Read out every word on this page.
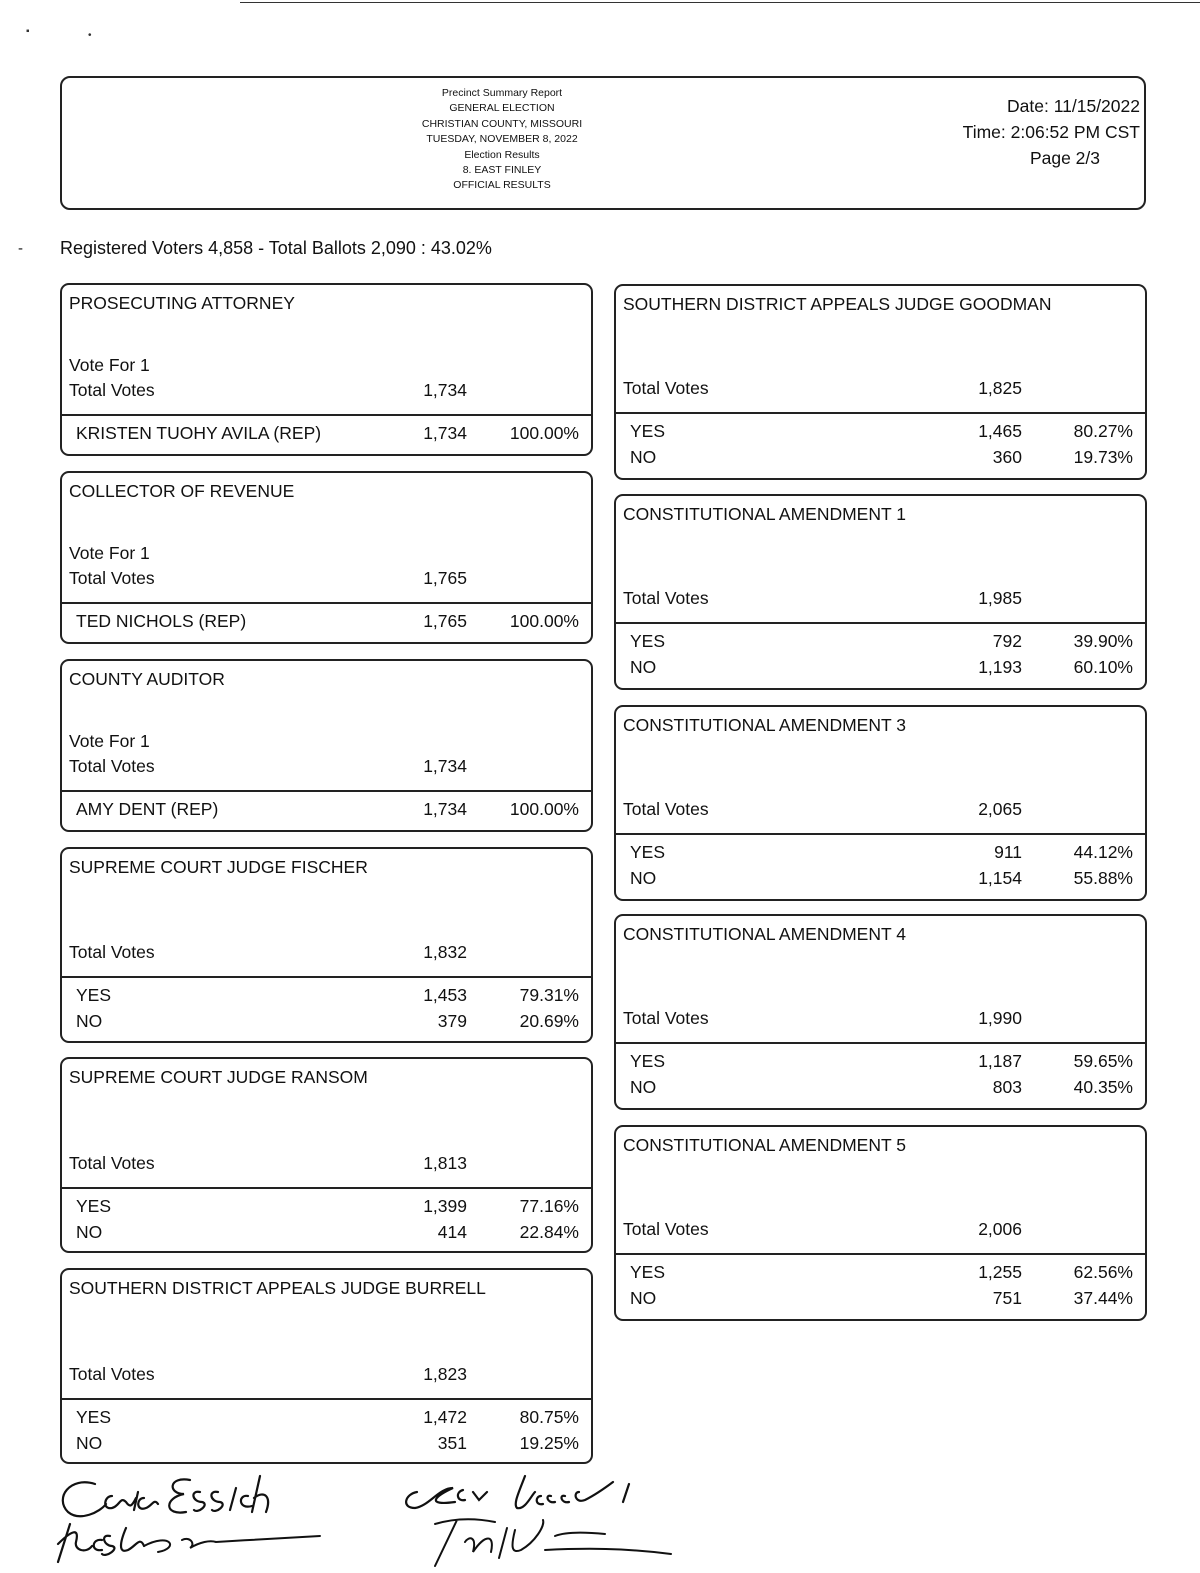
▪	•
Precinct Summary Report
GENERAL ELECTION
CHRISTIAN COUNTY, MISSOURI
TUESDAY, NOVEMBER 8, 2022
Election Results
8. EAST FINLEY
OFFICIAL RESULTS
Date: 11/15/2022
Time: 2:06:52 PM CST
Page 2/3
- Registered Voters 4,858 - Total Ballots 2,090 : 43.02%
PROSECUTING ATTORNEY
Vote For 1
Total Votes	1,734
KRISTEN TUOHY AVILA (REP)	1,734	100.00%
COLLECTOR OF REVENUE
Vote For 1
Total Votes	1,765
TED NICHOLS (REP)	1,765	100.00%
COUNTY AUDITOR
Vote For 1
Total Votes	1,734
AMY DENT (REP)	1,734	100.00%
SUPREME COURT JUDGE FISCHER
Total Votes	1,832
YES	1,453	79.31%
NO	379	20.69%
SUPREME COURT JUDGE RANSOM
Total Votes	1,813
YES	1,399	77.16%
NO	414	22.84%
SOUTHERN DISTRICT APPEALS JUDGE BURRELL
Total Votes	1,823
YES	1,472	80.75%
NO	351	19.25%
SOUTHERN DISTRICT APPEALS JUDGE GOODMAN
Total Votes	1,825
YES	1,465	80.27%
NO	360	19.73%
CONSTITUTIONAL AMENDMENT 1
Total Votes	1,985
YES	792	39.90%
NO	1,193	60.10%
CONSTITUTIONAL AMENDMENT 3
Total Votes	2,065
YES	911	44.12%
NO	1,154	55.88%
CONSTITUTIONAL AMENDMENT 4
Total Votes	1,990
YES	1,187	59.65%
NO	803	40.35%
CONSTITUTIONAL AMENDMENT 5
Total Votes	2,006
YES	1,255	62.56%
NO	751	37.44%
